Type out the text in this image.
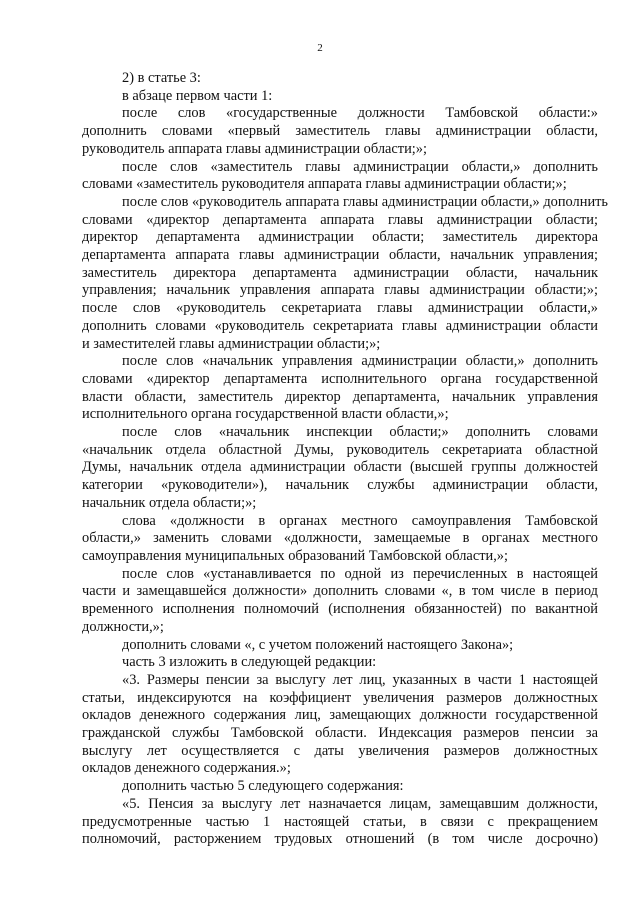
2

2) в статье 3:

в абзаце первом части 1:

после слов «государственные должности Тамбовской области:»
дополнить словами «первый заместитель главы администрации области,
руководитель аппарата главы администрации области;»;
после слов «заместитель главы администрации области,» дополнить
словами «заместитель руководителя аппарата главы администрации области;»;
после слов «руководитель аппарата главы администрации области,» дополнить
словами «директор департамента аппарата главы администрации области;
директор департамента администрации области; заместитель директора
департамента аппарата главы администрации области, начальник управления;
заместитель директора департамента администрации области, начальник
управления; начальник управления аппарата главы администрации области;»;
после слов «руководитель секретариата главы администрации области,»
дополнить словами «руководитель секретариата главы администрации области
и заместителей главы администрации области;»;
после слов «начальник управления администрации области,» дополнить
словами «директор департамента исполнительного органа государственной
власти области, заместитель директор департамента, начальник управления
исполнительного органа государственной власти области,»;
после слов «начальник инспекции области;» дополнить словами
«начальник отдела областной Думы, руководитель секретариата областной
Думы, начальник отдела администрации области (высшей группы должностей
категории «руководители»), начальник службы администрации области,
начальник отдела области;»;
слова «должности в органах местного самоуправления Тамбовской
области,» заменить словами «должности, замещаемые в органах местного
самоуправления муниципальных образований Тамбовской области,»;
после слов «устанавливается по одной из перечисленных в настоящей
части и замещавшейся должности» дополнить словами «, в том числе в период
временного исполнения полномочий (исполнения обязанностей) по вакантной
должности,»;

дополнить словами «, с учетом положений настоящего Закона»;

часть 3 изложить в следующей редакции:

«3. Размеры пенсии за выслугу лет лиц, указанных в части 1 настоящей
статьи, индексируются на коэффициент увеличения размеров должностных
окладов денежного содержания лиц, замещающих должности государственной
гражданской службы Тамбовской области. Индексация размеров пенсии за
выслугу лет осуществляется с даты увеличения размеров должностных
окладов денежного содержания.»;

дополнить частью 5 следующего содержания:

«5. Пенсия за выслугу лет назначается лицам, замещавшим должности,
предусмотренные частью 1 настоящей статьи, в связи с прекращением
полномочий, расторжением трудовых отношений (в том числе досрочно)
